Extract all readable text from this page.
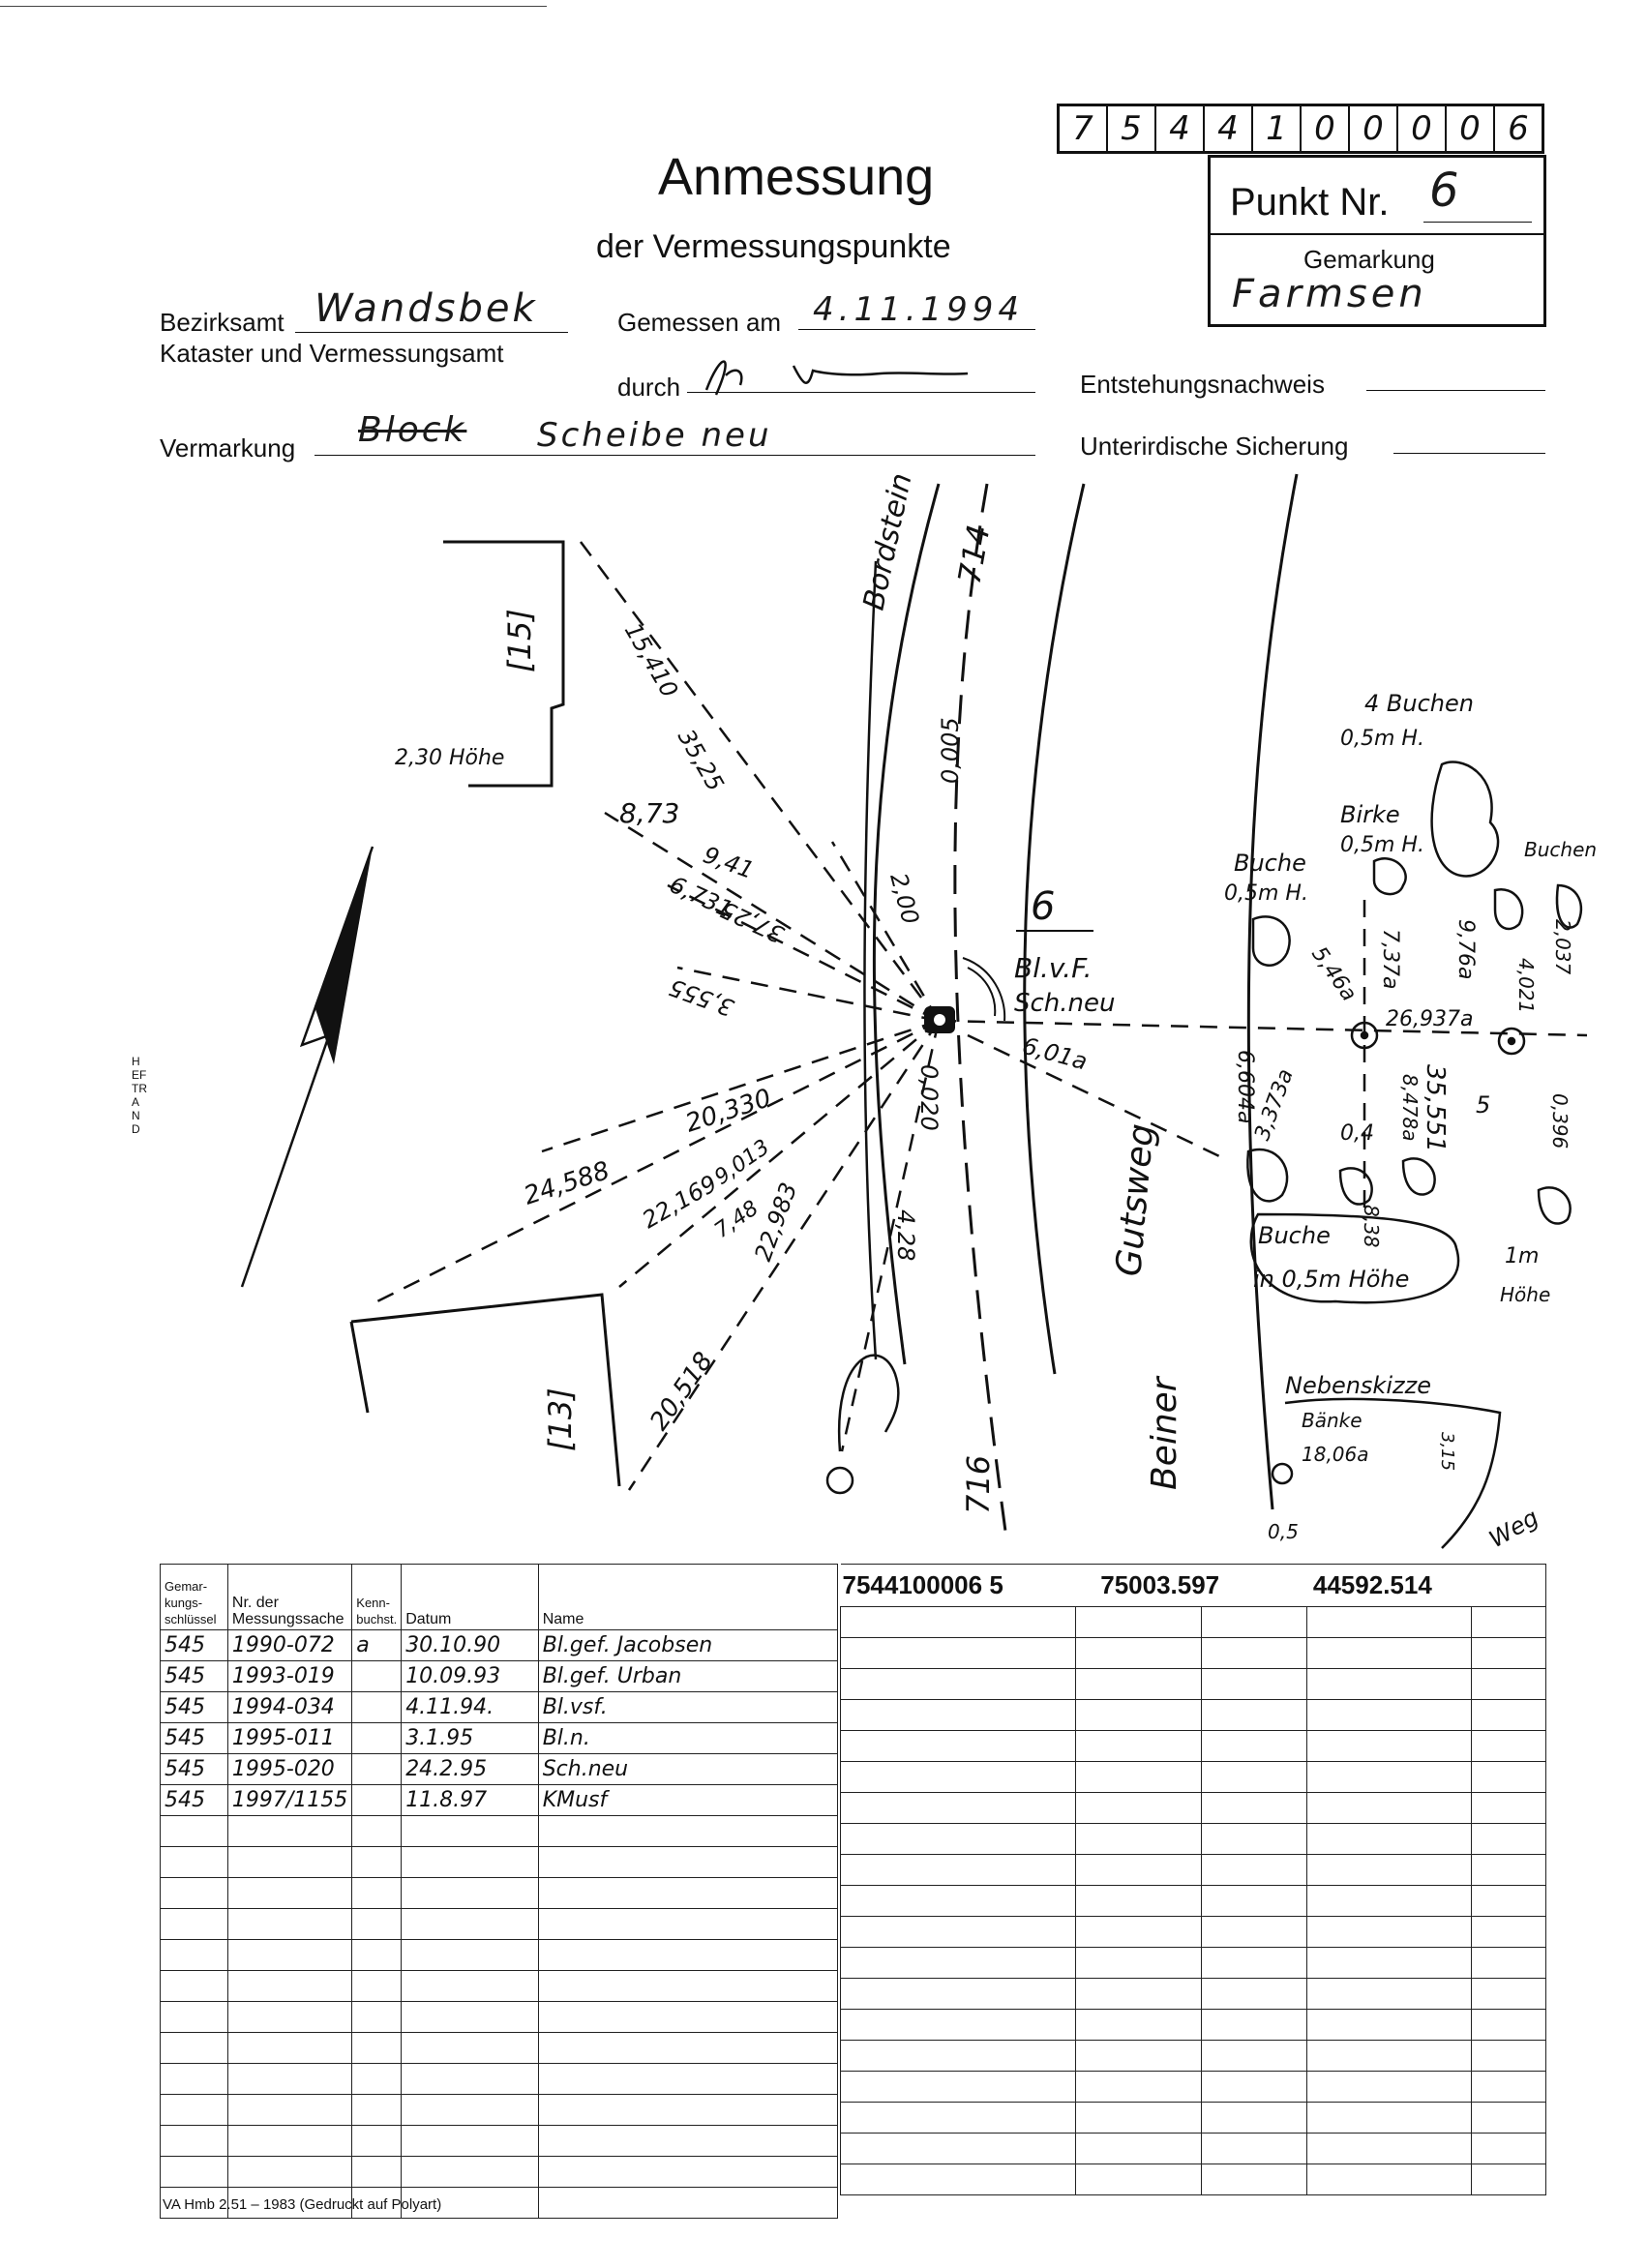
7 5 4 4 1 0 0 0 0 6
Punkt Nr. 6
Gemarkung
Farmsen
Anmessung
der Vermessungspunkte
Bezirksamt Wandsbek
Kataster und Vermessungsamt
Gemessen am 4.11.1994
durch
Vermarkung Block Scheibe neu
Entstehungsnachweis
Unterirdische Sicherung
HEFTRAND
Bordstein 714
716
[15]
[13]
2,30 Höhe
8,73
9,41
35,25
15,410
6,731
37,25
3,555
0,005
2,00
20,330
24,588 22,169
9,013
7,48
22,983
20,518
0,020
4,28
6
Bl.v.F.
Sch.neu
6,01a
Gutsweg
Beiner
4 Buchen
0,5m H.
Birke
0,5m H.
Buche
0,5m H.
Buchen
5,46a 7,37a
26,937a
9,76a
4,021
2,037
6,604a
3,373a 0,4 8,478a 5
35,551	0,396
8,38
Buche
in 0,5m Höhe
1m
Höhe
Nebenskizze
Bänke
18,06a	3,15
0,5	Weg
Gemar-kungs-schlüssel	Nr. der Messungssache	Kenn-buchst.	Datum	Name
545	1990-072	a	30.10.90	Bl.gef. Jacobsen
545	1993-019		10.09.93	Bl.gef. Urban
545	1994-034		4.11.94.	Bl.vsf.
545	1995-011		3.1.95	Bl.n.
545	1995-020		24.2.95	Sch.neu
545	1997/1155		11.8.97	KMusf

7544100006 5	75003.597		44592.514	

VA Hmb 2.51 – 1983 (Gedruckt auf Polyart)
